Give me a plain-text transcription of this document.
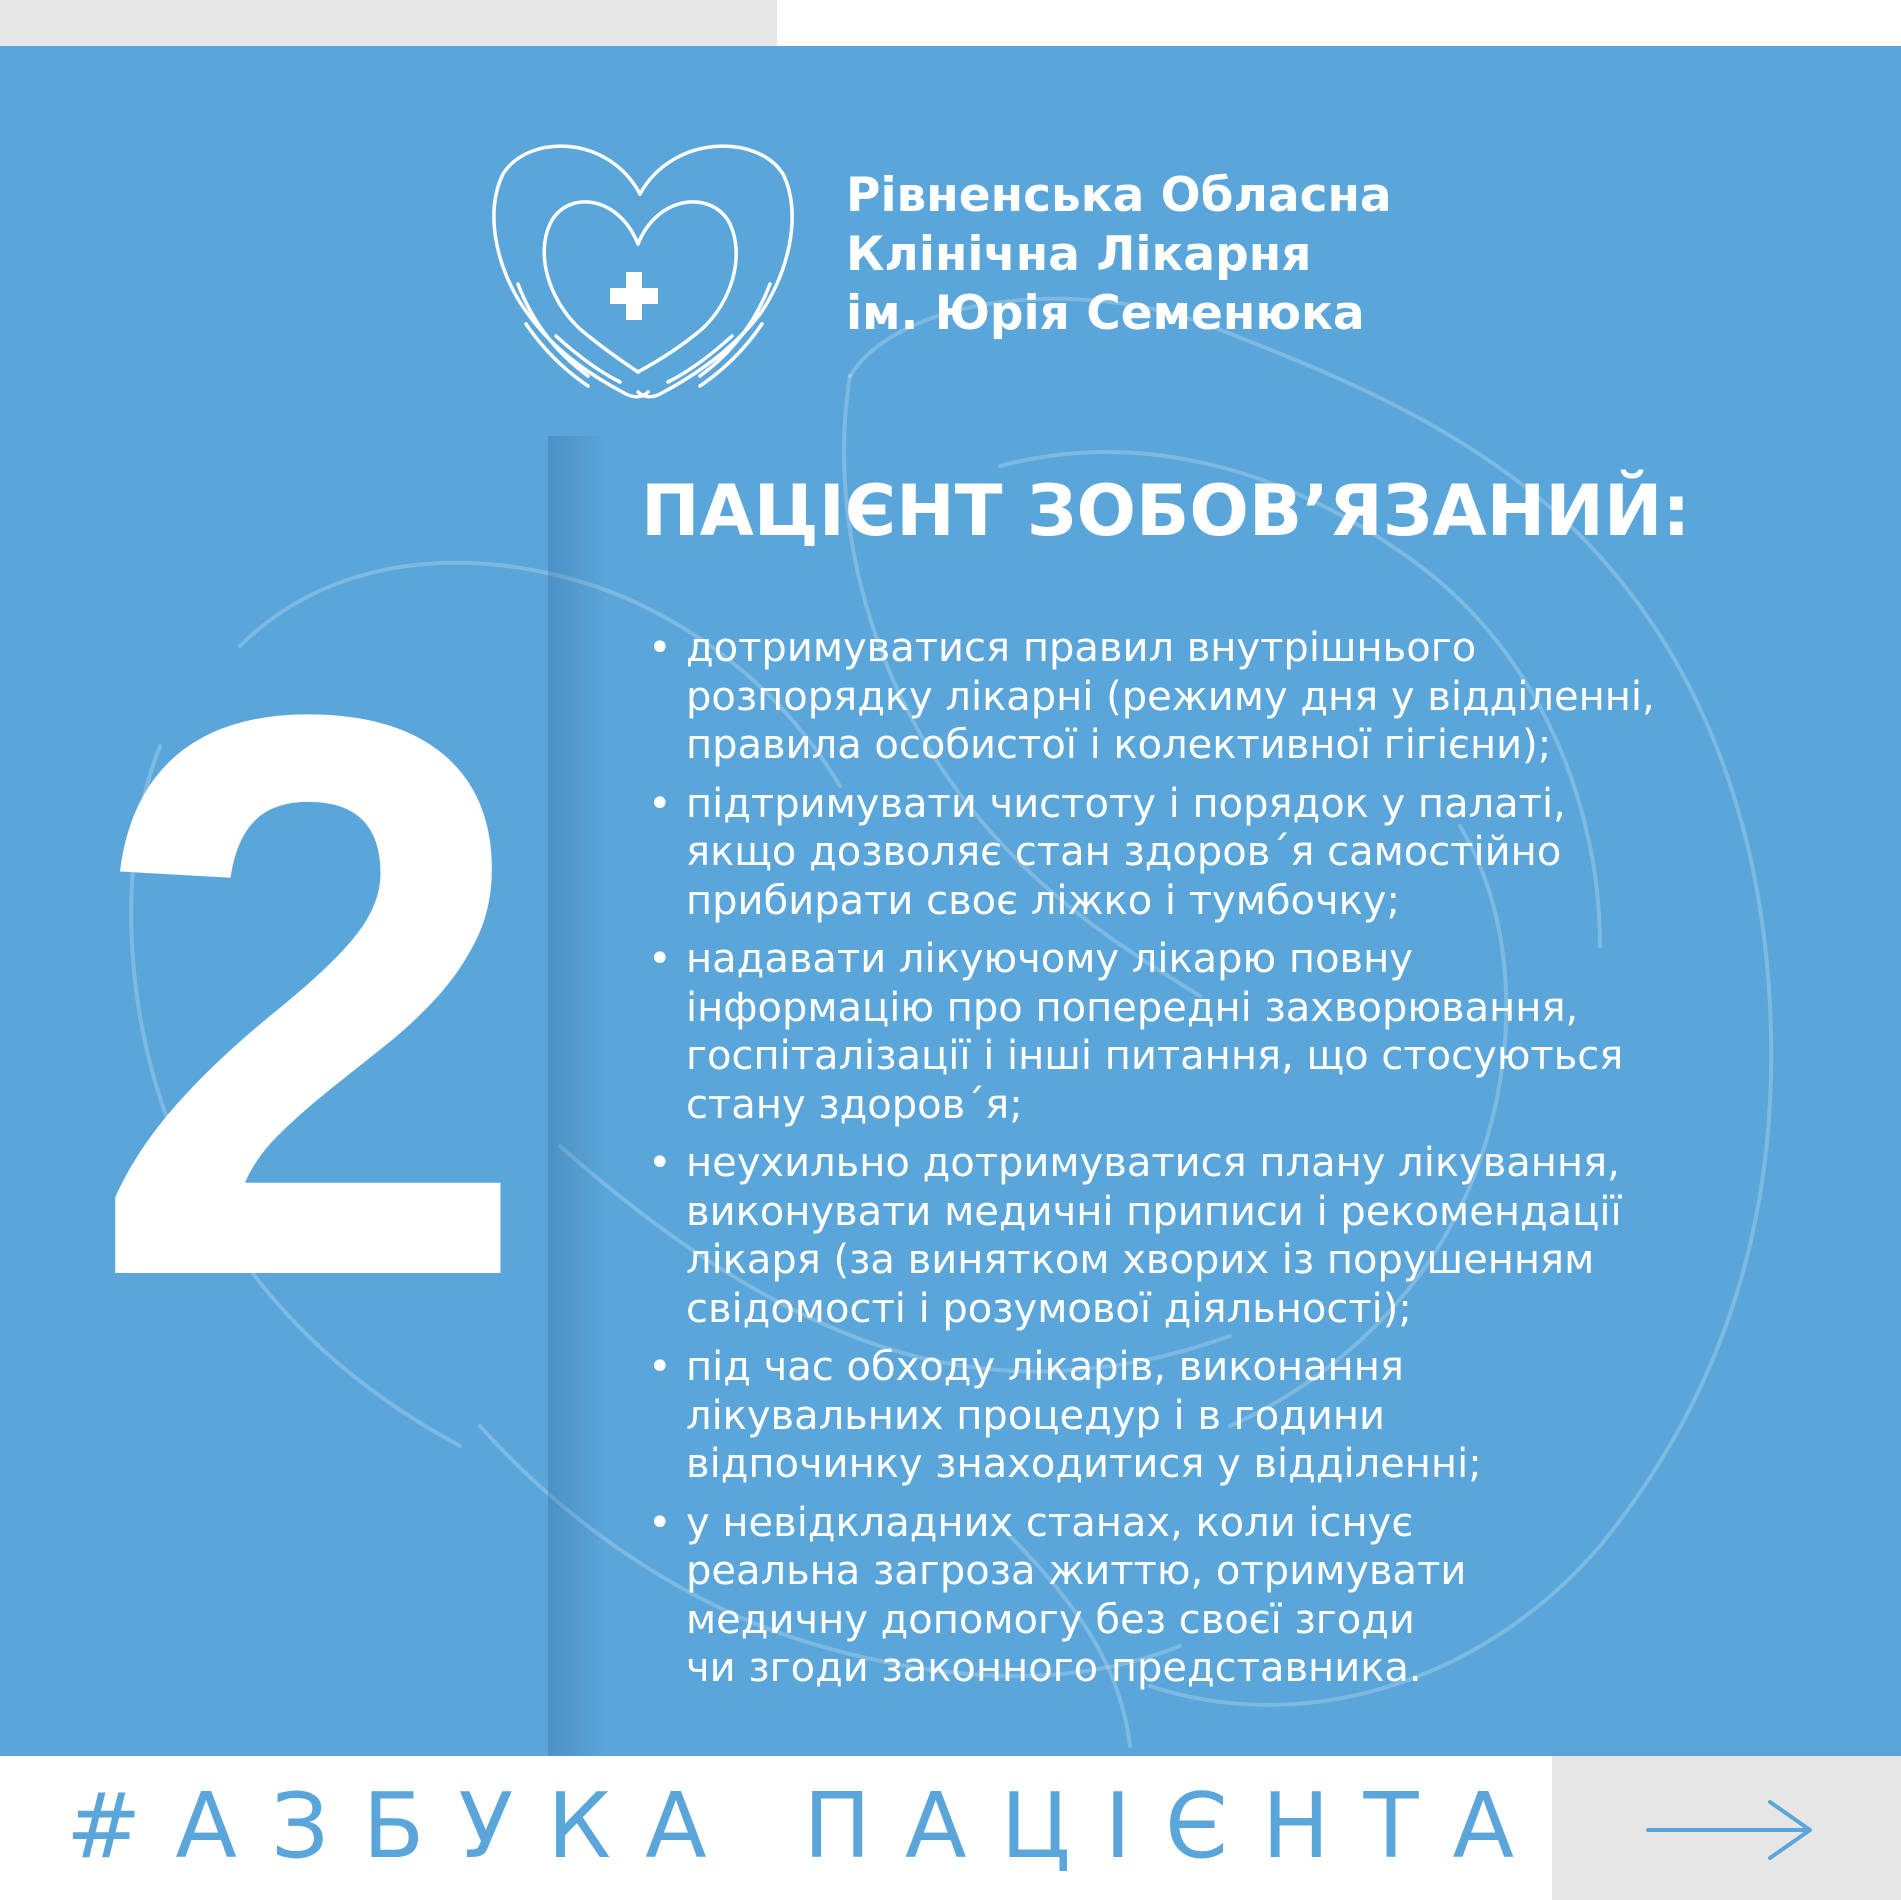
Рівненська Обласна
Клінічна Лікарня
ім. Юрія Семенюка
2
ПАЦІЄНТ ЗОБОВ’ЯЗАНИЙ:
• дотримуватися правил внутрішнього
розпорядку лікарні (режиму дня у відділенні,
правила особистої і колективної гігієни);
• підтримувати чистоту і порядок у палаті,
якщо дозволяє стан здоров´я самостійно
прибирати своє ліжко і тумбочку;
• надавати лікуючому лікарю повну
інформацію про попередні захворювання,
госпіталізації і інші питання, що стосуються
стану здоров´я;
• неухильно дотримуватися плану лікування,
виконувати медичні приписи і рекомендації
лікаря (за винятком хворих із порушенням
свідомості і розумової діяльності);
• під час обходу лікарів, виконання
лікувальних процедур і в години
відпочинку знаходитися у відділенні;
• у невідкладних станах, коли існує
реальна загроза життю, отримувати
медичну допомогу без своєї згоди
чи згоди законного представника.
#АЗБУКА ПАЦІЄНТА
